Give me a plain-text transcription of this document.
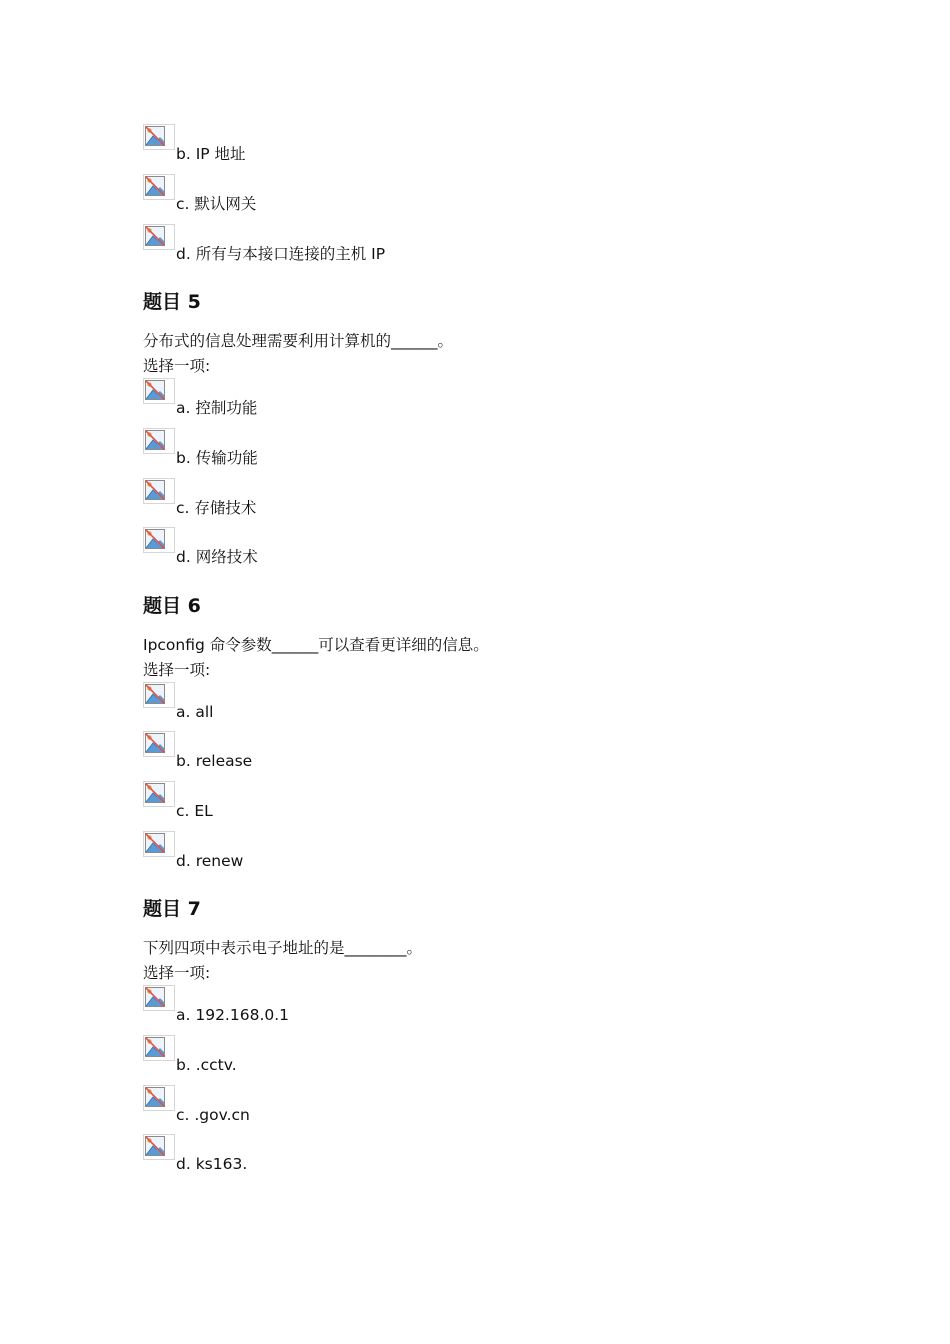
b. IP 地址
c. 默认网关
d. 所有与本接口连接的主机 IP
题目 5
分布式的信息处理需要利用计算机的______。
选择一项:
a. 控制功能
b. 传输功能
c. 存储技术
d. 网络技术
题目 6
Ipconfig 命令参数______可以查看更详细的信息。
选择一项:
a. all
b. release
c. EL
d. renew
题目 7
下列四项中表示电子地址的是________。
选择一项:
a. 192.168.0.1
b. .cctv.
c. .gov.cn
d. ks163.
